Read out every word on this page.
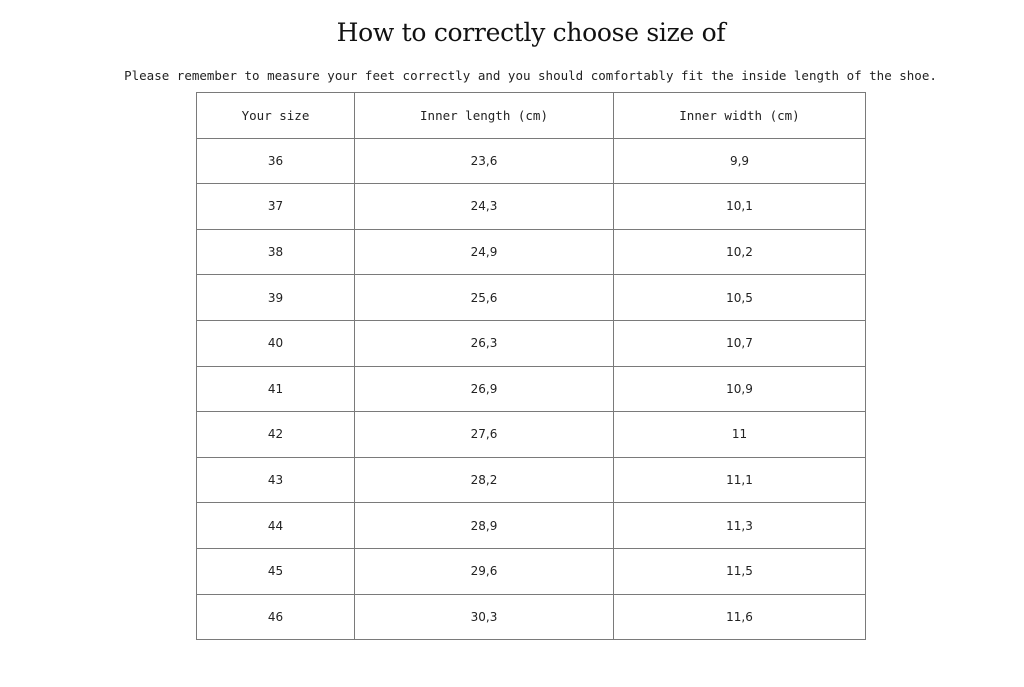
How to correctly choose size of

Please remember to measure your feet correctly and you should comfortably fit the inside length of the shoe.

Your size	Inner length (cm)	Inner width (cm)
36	23,6	9,9
37	24,3	10,1
38	24,9	10,2
39	25,6	10,5
40	26,3	10,7
41	26,9	10,9
42	27,6	11
43	28,2	11,1
44	28,9	11,3
45	29,6	11,5
46	30,3	11,6
